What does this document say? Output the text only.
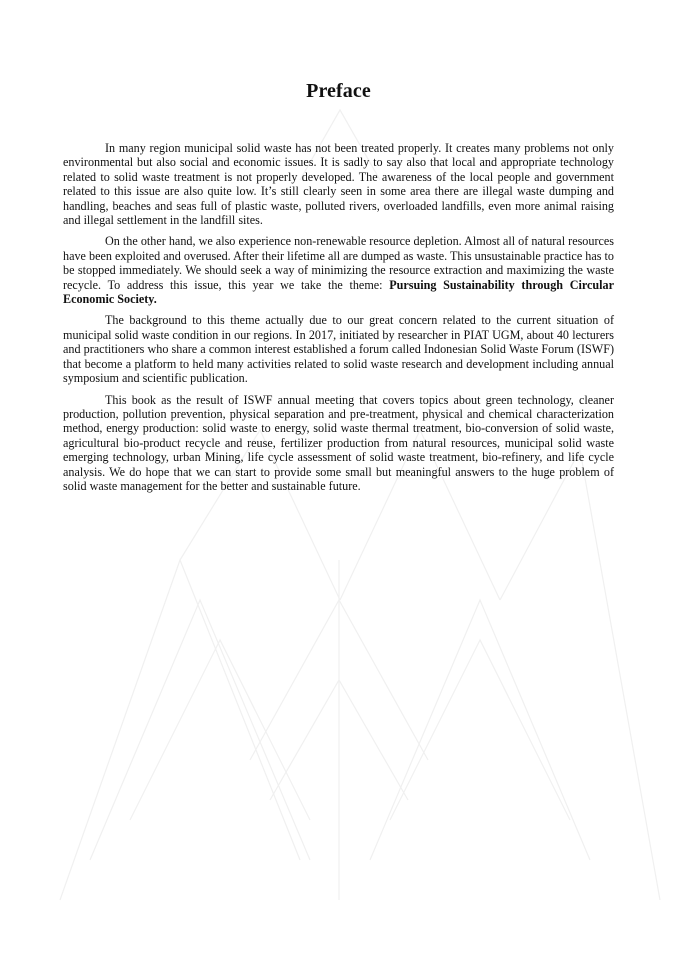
Preface

In many region municipal solid waste has not been treated properly. It creates many problems not only environmental but also social and economic issues. It is sadly to say also that local and appropriate technology related to solid waste treatment is not properly developed. The awareness of the local people and government related to this issue are also quite low. It’s still clearly seen in some area there are illegal waste dumping and handling, beaches and seas full of plastic waste, polluted rivers, overloaded landfills, even more animal raising and illegal settlement in the landfill sites.

On the other hand, we also experience non-renewable resource depletion. Almost all of natural resources have been exploited and overused. After their lifetime all are dumped as waste. This unsustainable practice has to be stopped immediately. We should seek a way of minimizing the resource extraction and maximizing the waste recycle. To address this issue, this year we take the theme: Pursuing Sustainability through Circular Economic Society.

The background to this theme actually due to our great concern related to the current situation of municipal solid waste condition in our regions. In 2017, initiated by researcher in PIAT UGM, about 40 lecturers and practitioners who share a common interest established a forum called Indonesian Solid Waste Forum (ISWF) that become a platform to held many activities related to solid waste research and development including annual symposium and scientific publication.

This book as the result of ISWF annual meeting that covers topics about green technology, cleaner production, pollution prevention, physical separation and pre-treatment, physical and chemical characterization method, energy production: solid waste to energy, solid waste thermal treatment, bio-conversion of solid waste, agricultural bio-product recycle and reuse, fertilizer production from natural resources, municipal solid waste emerging technology, urban Mining, life cycle assessment of solid waste treatment, bio-refinery, and life cycle analysis. We do hope that we can start to provide some small but meaningful answers to the huge problem of solid waste management for the better and sustainable future.
